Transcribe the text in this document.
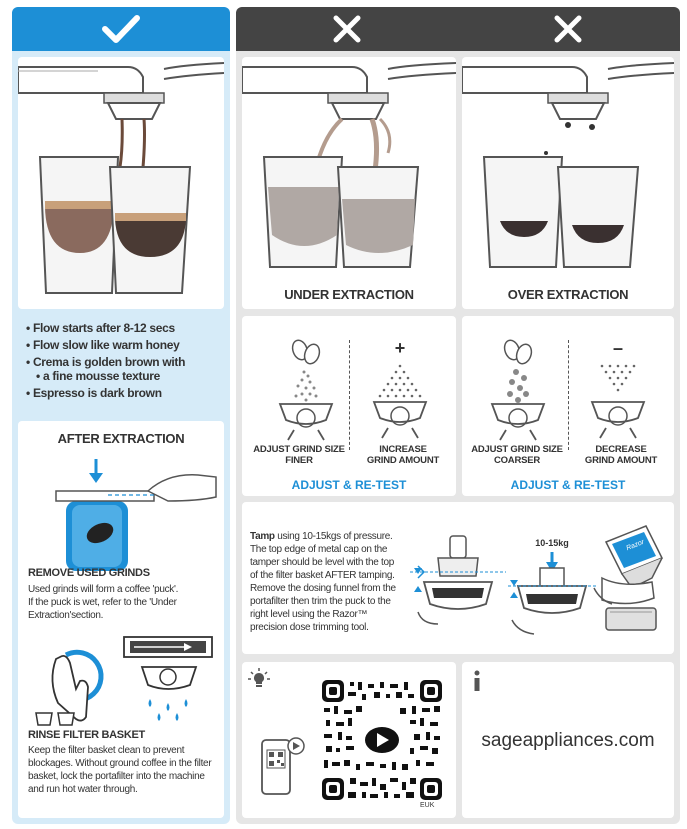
• Flow starts after 8-12 secs
• Flow slow like warm honey
• Crema is golden brown with
• a fine mousse texture
• Espresso is dark brown
AFTER EXTRACTION
REMOVE USED GRINDS
Used grinds will form a coffee 'puck'.
If the puck is wet, refer to the 'Under
Extraction'section.
RINSE FILTER BASKET
Keep the filter basket clean to prevent
blockages. Without ground coffee in the filter
basket, lock the portafilter into the machine
and run hot water through.
UNDER EXTRACTION	OVER EXTRACTION
+
ADJUST GRIND SIZE
FINER
INCREASE
GRIND AMOUNT
ADJUST & RE-TEST
–
ADJUST GRIND SIZE
COARSER
DECREASE
GRIND AMOUNT
ADJUST & RE-TEST
Tamp using 10-15kgs of pressure.
The top edge of metal cap on the
tamper should be level with the top
of the filter basket AFTER tamping.
Remove the dosing funnel from the
portafilter then trim the puck to the
right level using the Razor™
precision dose trimming tool.
10-15kg	Razor
EUK
sageappliances.com
